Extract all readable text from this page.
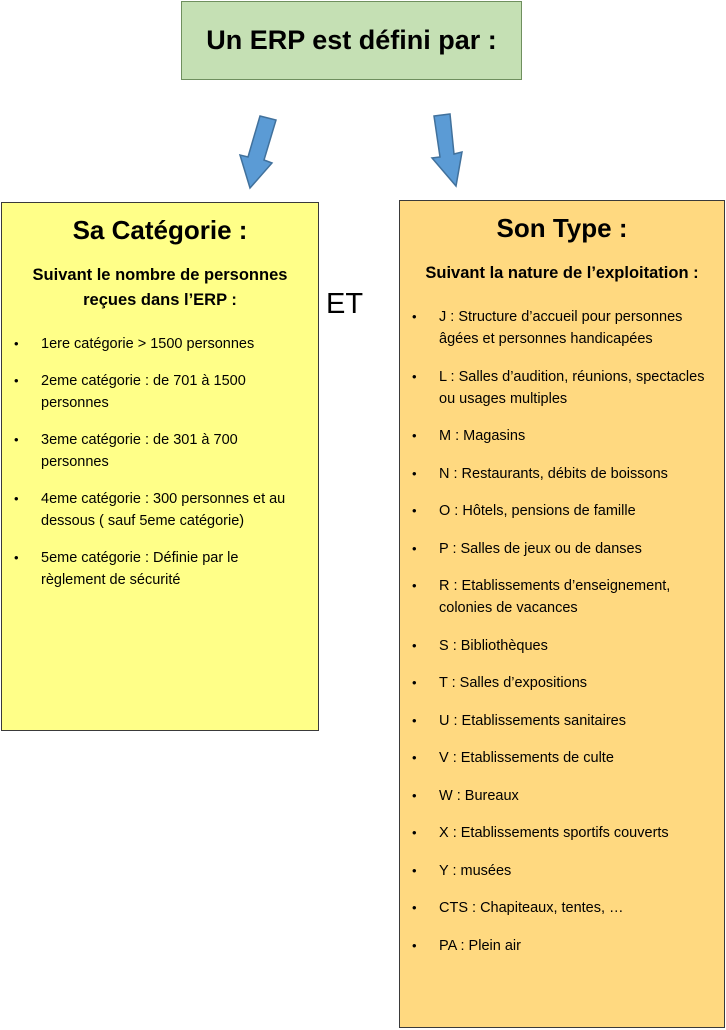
Un ERP est défini par :
Sa Catégorie :

Suivant le nombre de personnes reçues dans l’ERP :

• 1ere catégorie > 1500 personnes
• 2eme catégorie : de 701 à 1500 personnes
• 3eme catégorie : de 301 à 700 personnes
• 4eme catégorie : 300 personnes et au dessous ( sauf 5eme catégorie)
• 5eme catégorie : Définie par le règlement de sécurité
ET
Son Type :

Suivant la nature de l’exploitation :

• J : Structure d’accueil pour personnes âgées et personnes handicapées
• L : Salles d’audition, réunions, spectacles ou usages multiples
• M : Magasins
• N : Restaurants, débits de boissons
• O : Hôtels, pensions de famille
• P : Salles de jeux ou de danses
• R : Etablissements d’enseignement, colonies de vacances
• S : Bibliothèques
• T : Salles d’expositions
• U : Etablissements sanitaires
• V : Etablissements de culte
• W : Bureaux
• X : Etablissements sportifs couverts
• Y : musées
• CTS : Chapiteaux, tentes, …
• PA : Plein air
